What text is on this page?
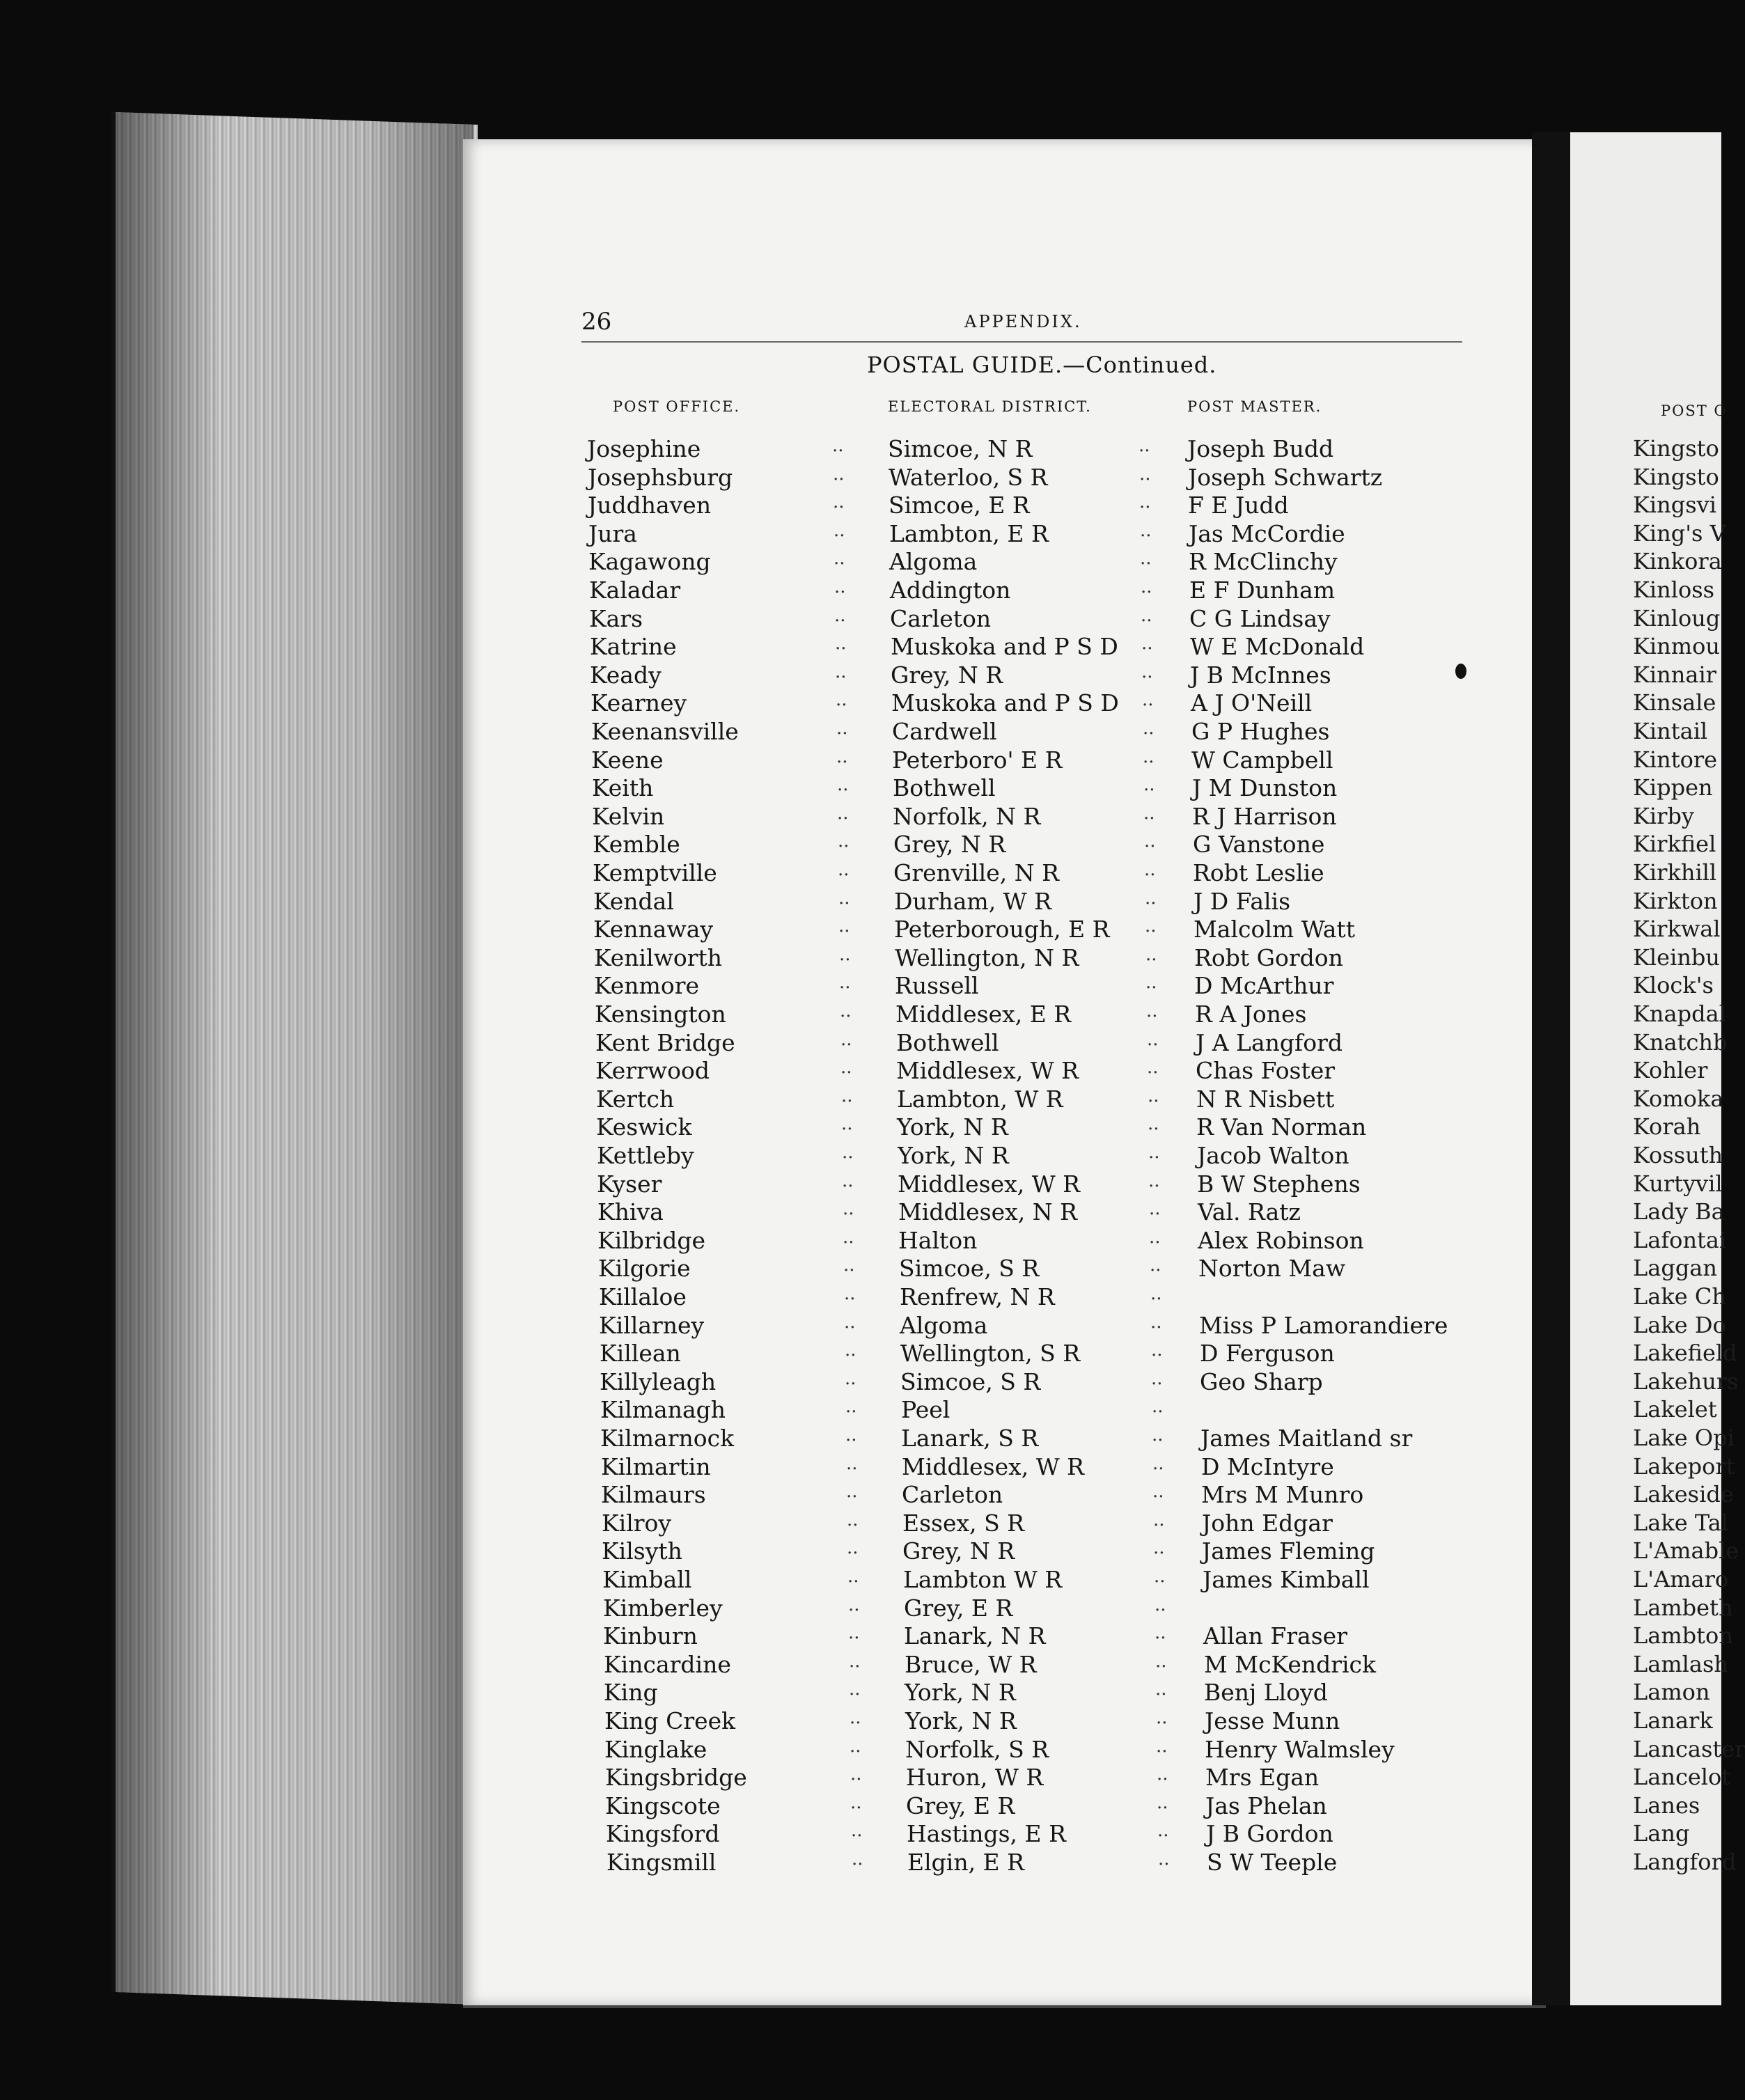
26	APPENDIX.
POSTAL GUIDE.—Continued.
POST OFFICE.	ELECTORAL DISTRICT.	POST MASTER.
Josephine	.. Simcoe, N R	.. Joseph Budd
Josephsburg	.. Waterloo, S R	.. Joseph Schwartz
Juddhaven	.. Simcoe, E R	.. F E Judd
Jura	.. Lambton, E R	.. Jas McCordie
Kagawong	.. Algoma	.. R McClinchy
Kaladar	.. Addington	.. E F Dunham
Kars	.. Carleton	.. C G Lindsay
Katrine	.. Muskoka and P S D .. W E McDonald
Keady	.. Grey, N R	.. J B McInnes
Kearney	.. Muskoka and P S D .. A J O'Neill
Keenansville	.. Cardwell	.. G P Hughes
Keene	.. Peterboro' E R	.. W Campbell
Keith	.. Bothwell	.. J M Dunston
Kelvin	.. Norfolk, N R	.. R J Harrison
Kemble	.. Grey, N R	.. G Vanstone
Kemptville	.. Grenville, N R	.. Robt Leslie
Kendal	.. Durham, W R	.. J D Falis
Kennaway	.. Peterborough, E R .. Malcolm Watt
Kenilworth	.. Wellington, N R	.. Robt Gordon
Kenmore	.. Russell	.. D McArthur
Kensington	.. Middlesex, E R	.. R A Jones
Kent Bridge	.. Bothwell	.. J A Langford
Kerrwood	.. Middlesex, W R	.. Chas Foster
Kertch	.. Lambton, W R	.. N R Nisbett
Keswick	.. York, N R	.. R Van Norman
Kettleby	.. York, N R	.. Jacob Walton
Kyser	.. Middlesex, W R	.. B W Stephens
Khiva	.. Middlesex, N R	.. Val. Ratz
Kilbridge	.. Halton	.. Alex Robinson
Kilgorie	.. Simcoe, S R	.. Norton Maw
Killaloe	.. Renfrew, N R	..
Killarney	.. Algoma	.. Miss P Lamorandiere
Killean	.. Wellington, S R	.. D Ferguson
Killyleagh	.. Simcoe, S R	.. Geo Sharp
Kilmanagh	.. Peel	..
Kilmarnock	.. Lanark, S R	.. James Maitland sr
Kilmartin	.. Middlesex, W R	.. D McIntyre
Kilmaurs	.. Carleton	.. Mrs M Munro
Kilroy	.. Essex, S R	.. John Edgar
Kilsyth	.. Grey, N R	.. James Fleming
Kimball	.. Lambton W R	.. James Kimball
Kimberley	.. Grey, E R	..
Kinburn	.. Lanark, N R	.. Allan Fraser
Kincardine	.. Bruce, W R	.. M McKendrick
King	.. York, N R	.. Benj Lloyd
King Creek	.. York, N R	.. Jesse Munn
Kinglake	.. Norfolk, S R	.. Henry Walmsley
Kingsbridge	.. Huron, W R	.. Mrs Egan
Kingscote	.. Grey, E R	.. Jas Phelan
Kingsford	.. Hastings, E R	.. J B Gordon
Kingsmill	.. Elgin, E R	.. S W Teeple
POST O
Kingsto
Kingsto
Kingsvi
King's V
Kinkora
Kinloss
Kinloug
Kinmou
Kinnair
Kinsale
Kintail
Kintore
Kippen
Kirby
Kirkfiel
Kirkhill
Kirkton
Kirkwal
Kleinbu
Klock's
Knapdal
Knatchb
Kohler
Komoka
Korah
Kossuth
Kurtyvil
Lady Ba
Lafontai
Laggan
Lake Ch
Lake Do
Lakefield
Lakehurs
Lakelet
Lake Opi
Lakeport
Lakeside
Lake Tal
L'Amable
L'Amaro
Lambeth
Lambton
Lamlash
Lamon
Lanark
Lancaster
Lancelot
Lanes
Lang
Langford
